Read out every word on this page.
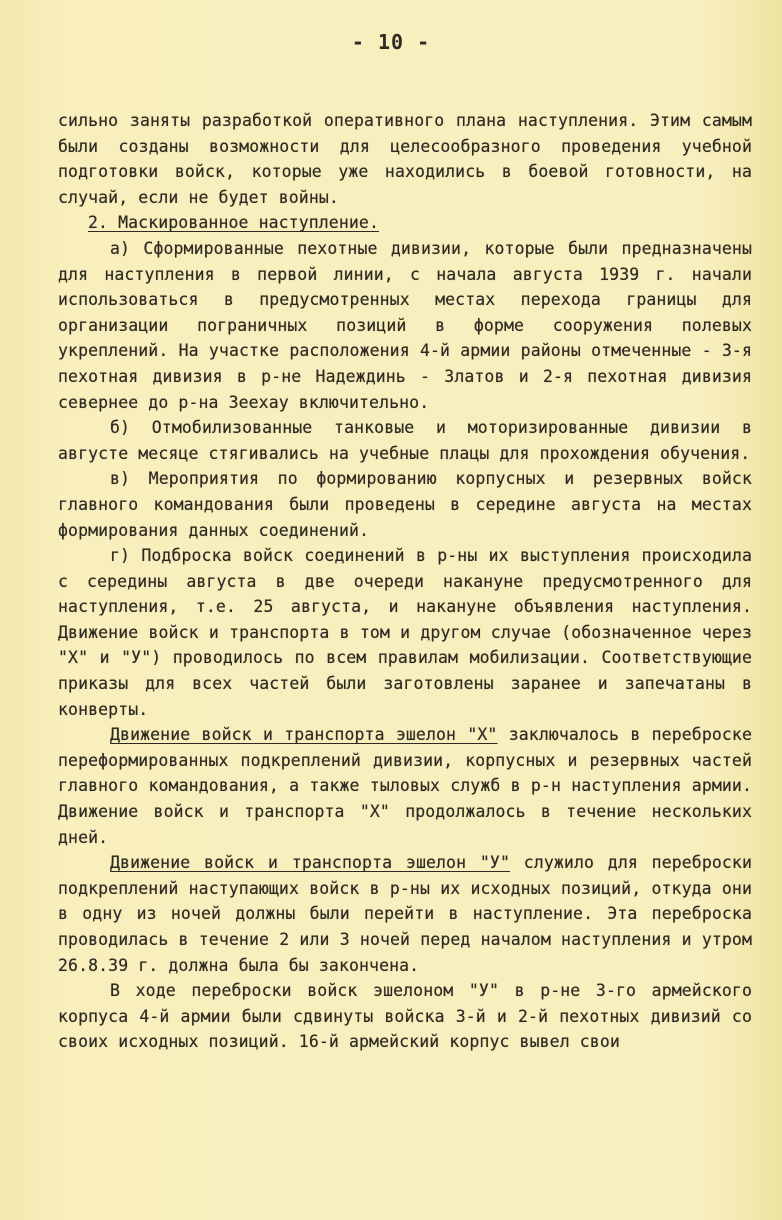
- 10 -

сильно заняты разработкой оперативного плана наступления. Этим самым были созданы возможности для целесообразного проведения учебной подготовки войск, которые уже находились в боевой готовности, на случай, если не будет войны.

2. Маскированное наступление.

а) Сформированные пехотные дивизии, которые были предназначены для наступления в первой линии, с начала августа 1939 г. начали использоваться в предусмотренных местах перехода границы для организации пограничных позиций в форме сооружения полевых укреплений. На участке расположения 4-й армии районы отмеченные - 3-я пехотная дивизия в р-не Надеждинь - Златов и 2-я пехотная дивизия севернее до р-на Зеехау включительно.

б) Отмобилизованные танковые и моторизированные дивизии в августе месяце стягивались на учебные плацы для прохождения обучения.

в) Мероприятия по формированию корпусных и резервных войск главного командования были проведены в середине августа на местах формирования данных соединений.

г) Подброска войск соединений в р-ны их выступления происходила с середины августа в две очереди накануне предусмотренного для наступления, т.е. 25 августа, и накануне объявления наступления. Движение войск и транспорта в том и другом случае (обозначенное через "Х" и "У") проводилось по всем правилам мобилизации. Соответствующие приказы для всех частей были заготовлены заранее и запечатаны в конверты.

Движение войск и транспорта эшелон "Х" заключалось в переброске переформированных подкреплений дивизии, корпусных и резервных частей главного командования, а также тыловых служб в р-н наступления армии. Движение войск и транспорта "Х" продолжалось в течение нескольких дней.

Движение войск и транспорта эшелон "У" служило для переброски подкреплений наступающих войск в р-ны их исходных позиций, откуда они в одну из ночей должны были перейти в наступление. Эта переброска проводилась в течение 2 или 3 ночей перед началом наступления и утром 26.8.39 г. должна была бы закончена.

В ходе переброски войск эшелоном "У" в р-не 3-го армейского корпуса 4-й армии были сдвинуты войска 3-й и 2-й пехотных дивизий со своих исходных позиций. 16-й армейский корпус вывел свои
